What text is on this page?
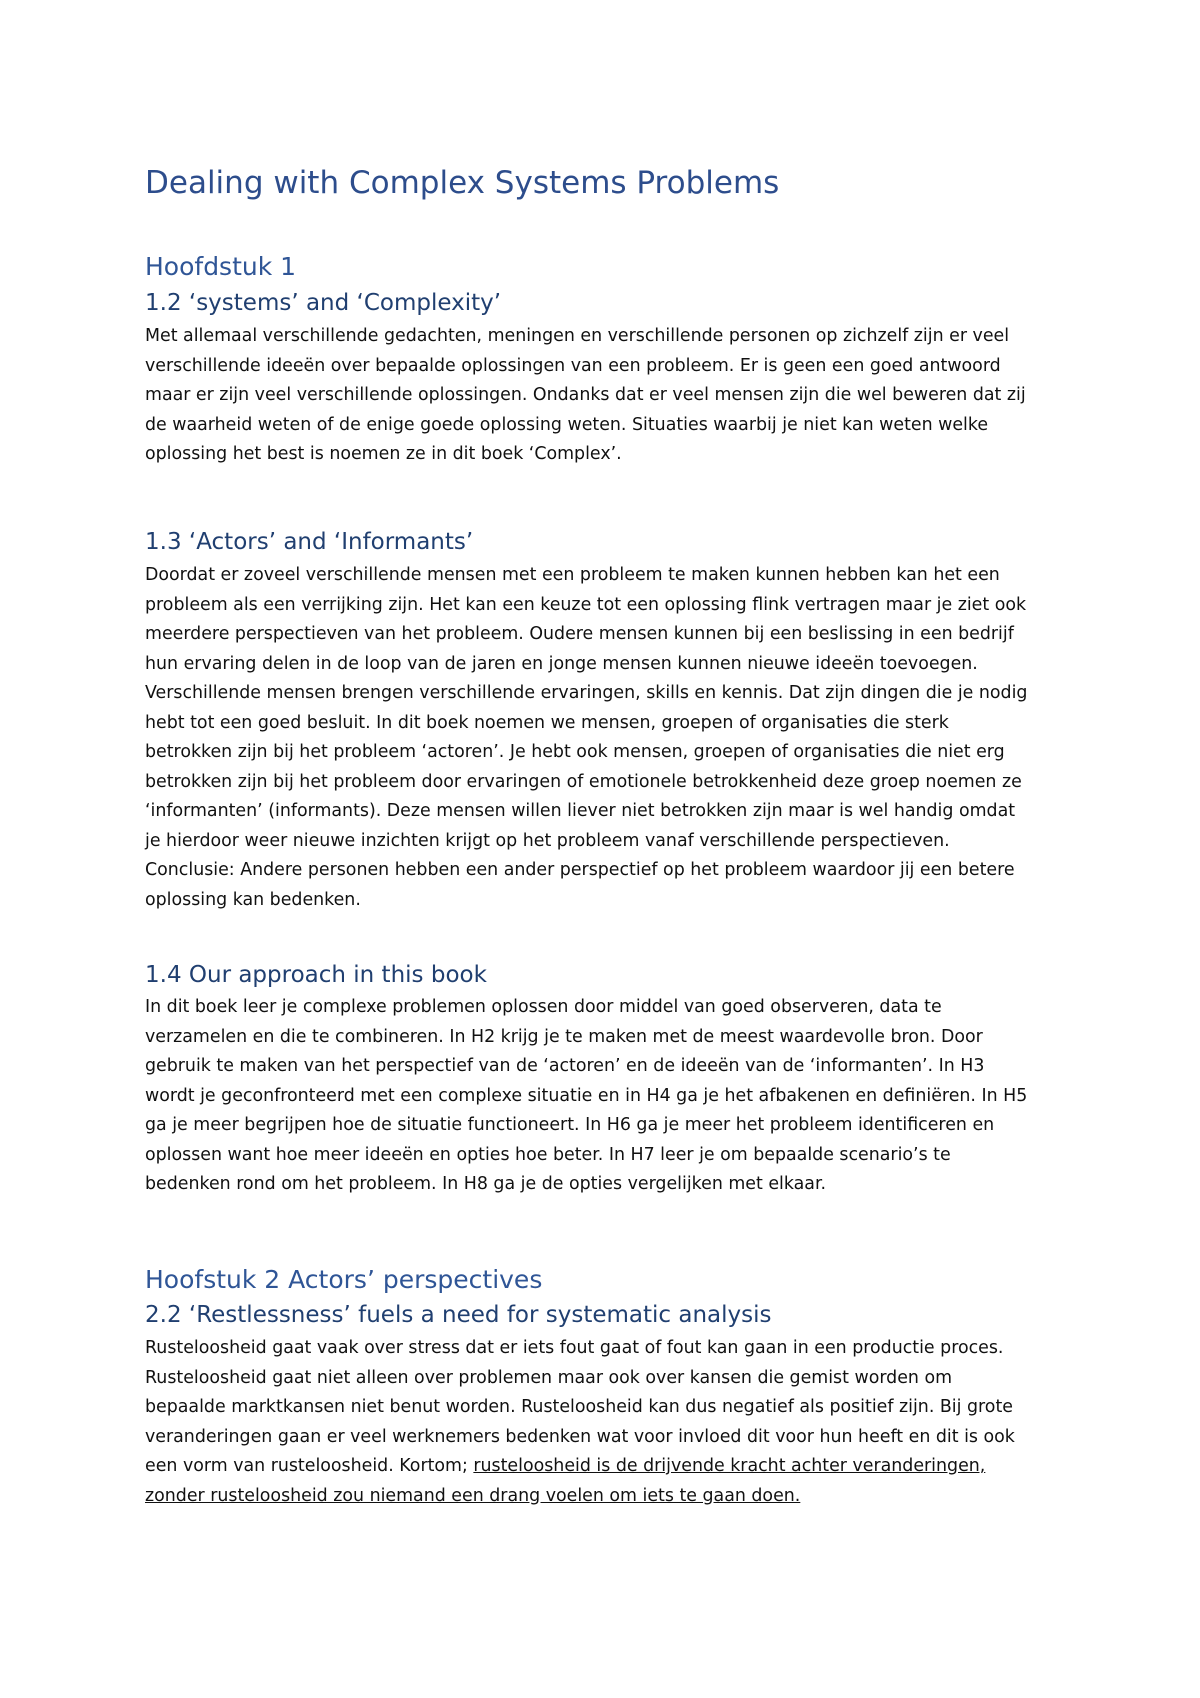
Dealing with Complex Systems Problems
Hoofdstuk 1
1.2 ‘systems’ and ‘Complexity’
Met allemaal verschillende gedachten, meningen en verschillende personen op zichzelf zijn er veel
verschillende ideeën over bepaalde oplossingen van een probleem. Er is geen een goed antwoord
maar er zijn veel verschillende oplossingen. Ondanks dat er veel mensen zijn die wel beweren dat zij
de waarheid weten of de enige goede oplossing weten. Situaties waarbij je niet kan weten welke
oplossing het best is noemen ze in dit boek ‘Complex’.
1.3 ‘Actors’ and ‘Informants’
Doordat er zoveel verschillende mensen met een probleem te maken kunnen hebben kan het een
probleem als een verrijking zijn. Het kan een keuze tot een oplossing flink vertragen maar je ziet ook
meerdere perspectieven van het probleem. Oudere mensen kunnen bij een beslissing in een bedrijf
hun ervaring delen in de loop van de jaren en jonge mensen kunnen nieuwe ideeën toevoegen.
Verschillende mensen brengen verschillende ervaringen, skills en kennis. Dat zijn dingen die je nodig
hebt tot een goed besluit. In dit boek noemen we mensen, groepen of organisaties die sterk
betrokken zijn bij het probleem ‘actoren’. Je hebt ook mensen, groepen of organisaties die niet erg
betrokken zijn bij het probleem door ervaringen of emotionele betrokkenheid deze groep noemen ze
‘informanten’ (informants). Deze mensen willen liever niet betrokken zijn maar is wel handig omdat
je hierdoor weer nieuwe inzichten krijgt op het probleem vanaf verschillende perspectieven.
Conclusie: Andere personen hebben een ander perspectief op het probleem waardoor jij een betere
oplossing kan bedenken.
1.4 Our approach in this book
In dit boek leer je complexe problemen oplossen door middel van goed observeren, data te
verzamelen en die te combineren. In H2 krijg je te maken met de meest waardevolle bron. Door
gebruik te maken van het perspectief van de ‘actoren’ en de ideeën van de ‘informanten’. In H3
wordt je geconfronteerd met een complexe situatie en in H4 ga je het afbakenen en definiëren. In H5
ga je meer begrijpen hoe de situatie functioneert. In H6 ga je meer het probleem identificeren en
oplossen want hoe meer ideeën en opties hoe beter. In H7 leer je om bepaalde scenario’s te
bedenken rond om het probleem. In H8 ga je de opties vergelijken met elkaar.
Hoofstuk 2 Actors’ perspectives
2.2 ‘Restlessness’ fuels a need for systematic analysis
Rusteloosheid gaat vaak over stress dat er iets fout gaat of fout kan gaan in een productie proces.
Rusteloosheid gaat niet alleen over problemen maar ook over kansen die gemist worden om
bepaalde marktkansen niet benut worden. Rusteloosheid kan dus negatief als positief zijn. Bij grote
veranderingen gaan er veel werknemers bedenken wat voor invloed dit voor hun heeft en dit is ook
een vorm van rusteloosheid. Kortom; rusteloosheid is de drijvende kracht achter veranderingen,
zonder rusteloosheid zou niemand een drang voelen om iets te gaan doen.
